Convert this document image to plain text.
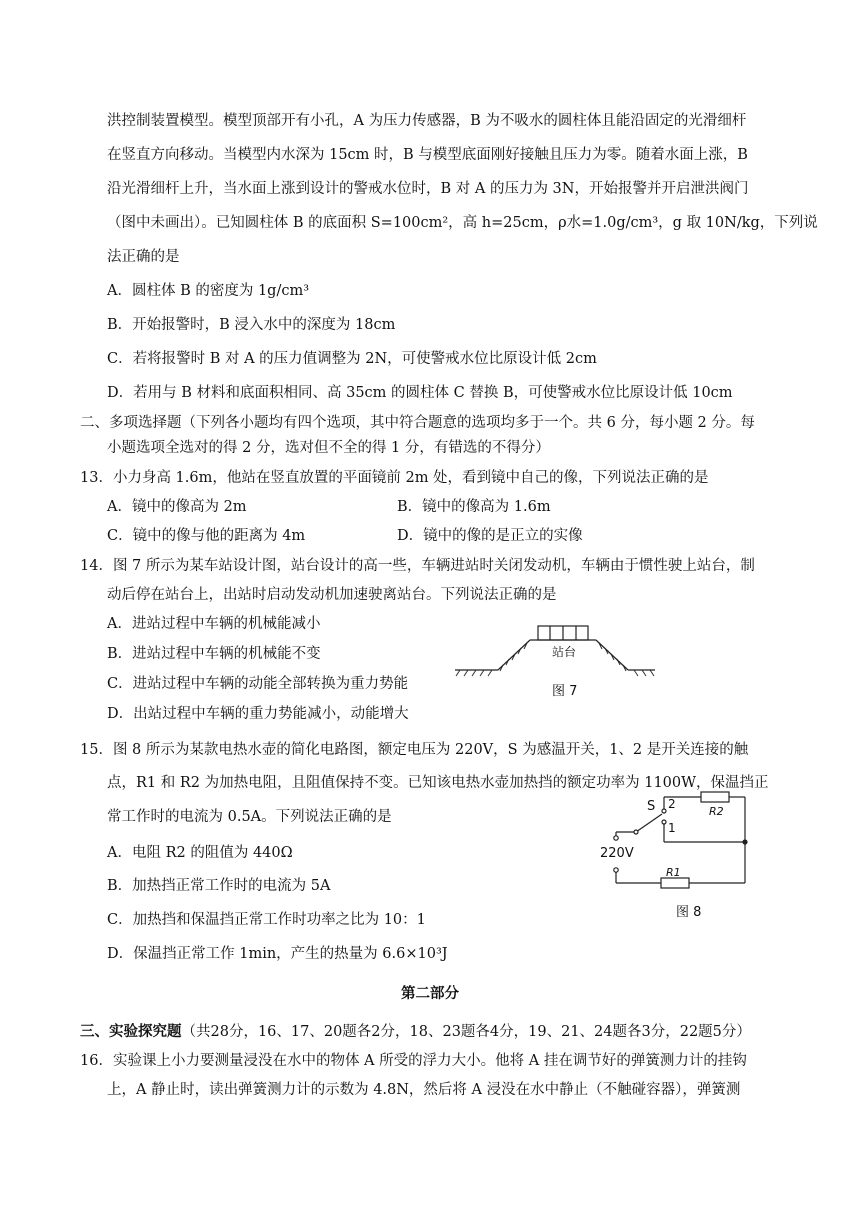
洪控制装置模型。模型顶部开有小孔，A 为压力传感器，B 为不吸水的圆柱体且能沿固定的光滑细杆
在竖直方向移动。当模型内水深为 15cm 时，B 与模型底面刚好接触且压力为零。随着水面上涨，B
沿光滑细杆上升，当水面上涨到设计的警戒水位时，B 对 A 的压力为 3N，开始报警并开启泄洪阀门
（图中未画出）。已知圆柱体 B 的底面积 S=100cm²，高 h=25cm，ρ水=1.0g/cm³，g 取 10N/kg，下列说
法正确的是
A．圆柱体 B 的密度为 1g/cm³
B．开始报警时，B 浸入水中的深度为 18cm
C．若将报警时 B 对 A 的压力值调整为 2N，可使警戒水位比原设计低 2cm
D．若用与 B 材料和底面积相同、高 35cm 的圆柱体 C 替换 B，可使警戒水位比原设计低 10cm
二、多项选择题（下列各小题均有四个选项，其中符合题意的选项均多于一个。共 6 分，每小题 2 分。每
小题选项全选对的得 2 分，选对但不全的得 1 分，有错选的不得分）
13．小力身高 1.6m，他站在竖直放置的平面镜前 2m 处，看到镜中自己的像，下列说法正确的是
A．镜中的像高为 2m	B．镜中的像高为 1.6m
C．镜中的像与他的距离为 4m	D．镜中的像的是正立的实像
14．图 7 所示为某车站设计图，站台设计的高一些，车辆进站时关闭发动机，车辆由于惯性驶上站台，制
动后停在站台上，出站时启动发动机加速驶离站台。下列说法正确的是
A．进站过程中车辆的机械能减小
B．进站过程中车辆的机械能不变
C．进站过程中车辆的动能全部转换为重力势能
D．出站过程中车辆的重力势能减小，动能增大
站台
图 7
15．图 8 所示为某款电热水壶的简化电路图，额定电压为 220V，S 为感温开关，1、2 是开关连接的触
点，R1 和 R2 为加热电阻，且阻值保持不变。已知该电热水壶加热挡的额定功率为 1100W，保温挡正
常工作时的电流为 0.5A。下列说法正确的是
A．电阻 R2 的阻值为 440Ω
B．加热挡正常工作时的电流为 5A
C．加热挡和保温挡正常工作时功率之比为 10：1
D．保温挡正常工作 1min，产生的热量为 6.6×10³J
S 2
1
R2
R1
220V
图 8
第二部分
三、实验探究题（共28分，16、17、20题各2分，18、23题各4分，19、21、24题各3分，22题5分）
16．实验课上小力要测量浸没在水中的物体 A 所受的浮力大小。他将 A 挂在调节好的弹簧测力计的挂钩
上，A 静止时，读出弹簧测力计的示数为 4.8N，然后将 A 浸没在水中静止（不触碰容器），弹簧测
